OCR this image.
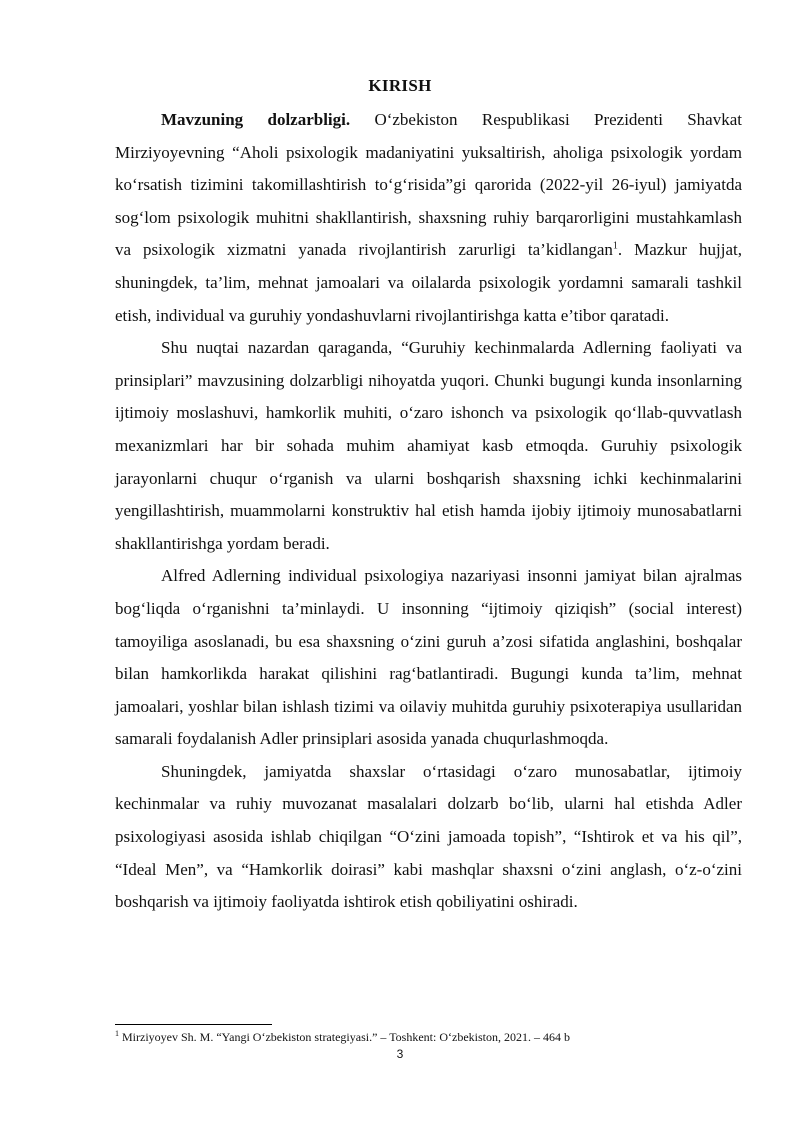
KIRISH

Mavzuning dolzarbligi. O‘zbekiston Respublikasi Prezidenti Shavkat Mirziyoyevning “Aholi psixologik madaniyatini yuksaltirish, aholiga psixologik yordam ko‘rsatish tizimini takomillashtirish to‘g‘risida”gi qarorida (2022-yil 26-iyul) jamiyatda sog‘lom psixologik muhitni shakllantirish, shaxsning ruhiy barqarorligini mustahkamlash va psixologik xizmatni yanada rivojlantirish zarurligi ta’kidlangan$^1$. Mazkur hujjat, shuningdek, ta’lim, mehnat jamoalari va oilalarda psixologik yordamni samarali tashkil etish, individual va guruhiy yondashuvlarni rivojlantirishga katta e’tibor qaratadi.

Shu nuqtai nazardan qaraganda, “Guruhiy kechinmalarda Adlerning faoliyati va prinsiplari” mavzusining dolzarbligi nihoyatda yuqori. Chunki bugungi kunda insonlarning ijtimoiy moslashuvi, hamkorlik muhiti, o‘zaro ishonch va psixologik qo‘llab-quvvatlash mexanizmlari har bir sohada muhim ahamiyat kasb etmoqda. Guruhiy psixologik jarayonlarni chuqur o‘rganish va ularni boshqarish shaxsning ichki kechinmalarini yengillashtirish, muammolarni konstruktiv hal etish hamda ijobiy ijtimoiy munosabatlarni shakllantirishga yordam beradi.

Alfred Adlerning individual psixologiya nazariyasi insonni jamiyat bilan ajralmas bog‘liqda o‘rganishni ta’minlaydi. U insonning “ijtimoiy qiziqish” (social interest) tamoyiliga asoslanadi, bu esa shaxsning o‘zini guruh a’zosi sifatida anglashini, boshqalar bilan hamkorlikda harakat qilishini rag‘batlantiradi. Bugungi kunda ta’lim, mehnat jamoalari, yoshlar bilan ishlash tizimi va oilaviy muhitda guruhiy psixoterapiya usullaridan samarali foydalanish Adler prinsiplari asosida yanada chuqurlashmoqda.

Shuningdek, jamiyatda shaxslar o‘rtasidagi o‘zaro munosabatlar, ijtimoiy kechinmalar va ruhiy muvozanat masalalari dolzarb bo‘lib, ularni hal etishda Adler psixologiyasi asosida ishlab chiqilgan “O‘zini jamoada topish”, “Ishtirok et va his qil”, “Ideal Men”, va “Hamkorlik doirasi” kabi mashqlar shaxsni o‘zini anglash, o‘z-o‘zini boshqarish va ijtimoiy faoliyatda ishtirok etish qobiliyatini oshiradi.

$^1$ Mirziyoyev Sh. M. “Yangi O‘zbekiston strategiyasi.” – Toshkent: O‘zbekiston, 2021. – 464 b
3
